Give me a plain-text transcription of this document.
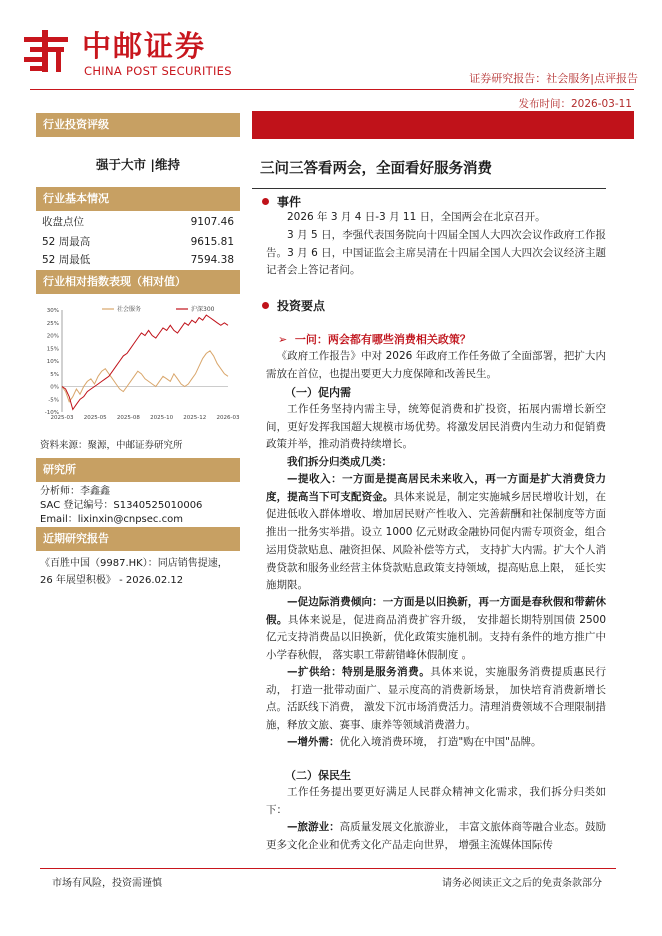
中邮证券
CHINA POST SECURITIES
证券研究报告：社会服务|点评报告
发布时间：2026-03-11
行业投资评级
强于大市 |维持
行业基本情况
收盘点位	9107.46
52 周最高	9615.81
52 周最低	7594.38
行业相对指数表现（相对值）
30%
25%
20%
15%
10%
5%
0%
-5%
-10%
2025-03 2025-05 2025-08 2025-10 2025-12 2026-03
社会服务	沪深300
资料来源：聚源，中邮证券研究所
研究所
分析师：李鑫鑫
SAC 登记编号：S1340525010006
Email：lixinxin@cnpsec.com
近期研究报告
《百胜中国（9987.HK）：同店销售提速，
26 年展望积极》 - 2026.02.12
三问三答看两会，全面看好服务消费
事件
2026 年 3 月 4 日-3 月 11 日，全国两会在北京召开。
3 月 5 日，李强代表国务院向十四届全国人大四次会议作政府工作报告。3 月 6 日，中国证监会主席吴清在十四届全国人大四次会议经济主题记者会上答记者问。
投资要点
➢ 一问：两会都有哪些消费相关政策？
《政府工作报告》中对 2026 年政府工作任务做了全面部署，把扩大内需放在首位，也提出要更大力度保障和改善民生。
（一）促内需
工作任务坚持内需主导，统筹促消费和扩投资，拓展内需增长新空间，更好发挥我国超大规模市场优势。将激发居民消费内生动力和促销费政策并举，推动消费持续增长。
我们拆分归类成几类：
—提收入：一方面是提高居民未来收入，再一方面是扩大消费贷力度，提高当下可支配资金。具体来说是，制定实施城乡居民增收计划，在促进低收入群体增收、增加居民财产性收入、完善薪酬和社保制度等方面推出一批务实举措。设立 1000 亿元财政金融协同促内需专项资金，组合运用贷款贴息、融资担保、风险补偿等方式， 支持扩大内需。扩大个人消费贷款和服务业经营主体贷款贴息政策支持领域，提高贴息上限， 延长实施期限。
—促边际消费倾向：一方面是以旧换新，再一方面是春秋假和带薪休假。具体来说是，促进商品消费扩容升级， 安排超长期特别国债 2500 亿元支持消费品以旧换新，优化政策实施机制。支持有条件的地方推广中小学春秋假， 落实职工带薪错峰休假制度 。
—扩供给：特别是服务消费。具体来说，实施服务消费提质惠民行动， 打造一批带动面广、显示度高的消费新场景， 加快培育消费新增长点。活跃线下消费， 激发下沉市场消费活力。清理消费领域不合理限制措施，释放文旅、赛事、康养等领域消费潜力。
—增外需：优化入境消费环境， 打造"购在中国"品牌。
（二）保民生
工作任务提出要更好满足人民群众精神文化需求，我们拆分归类如下：
—旅游业：高质量发展文化旅游业， 丰富文旅体商等融合业态。鼓励更多文化企业和优秀文化产品走向世界， 增强主流媒体国际传
市场有风险，投资需谨慎	请务必阅读正文之后的免责条款部分
